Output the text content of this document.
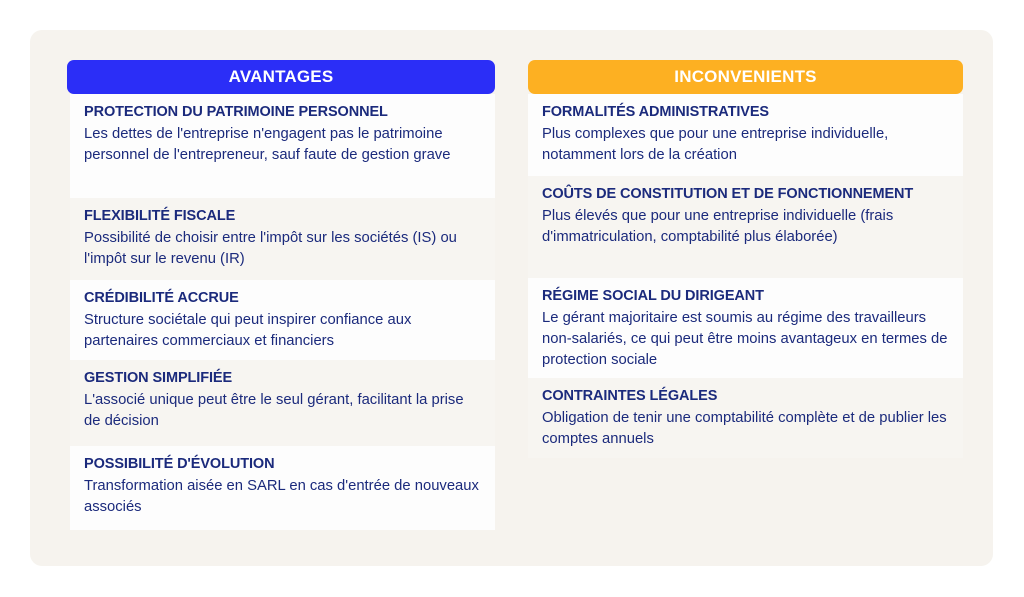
AVANTAGES
PROTECTION DU PATRIMOINE PERSONNEL
Les dettes de l'entreprise n'engagent pas le patrimoine personnel de l'entrepreneur, sauf faute de gestion grave
FLEXIBILITÉ FISCALE
Possibilité de choisir entre l'impôt sur les sociétés (IS) ou l'impôt sur le revenu (IR)
CRÉDIBILITÉ ACCRUE
Structure sociétale qui peut inspirer confiance aux partenaires commerciaux et financiers
GESTION SIMPLIFIÉE
L'associé unique peut être le seul gérant, facilitant la prise de décision
POSSIBILITÉ D'ÉVOLUTION
Transformation aisée en SARL en cas d'entrée de nouveaux associés
INCONVENIENTS
FORMALITÉS ADMINISTRATIVES
Plus complexes que pour une entreprise individuelle, notamment lors de la création
COÛTS DE CONSTITUTION ET DE FONCTIONNEMENT
Plus élevés que pour une entreprise individuelle (frais d'immatriculation, comptabilité plus élaborée)
RÉGIME SOCIAL DU DIRIGEANT
Le gérant majoritaire est soumis au régime des travailleurs non-salariés, ce qui peut être moins avantageux en termes de protection sociale
CONTRAINTES LÉGALES
Obligation de tenir une comptabilité complète et de publier les comptes annuels
